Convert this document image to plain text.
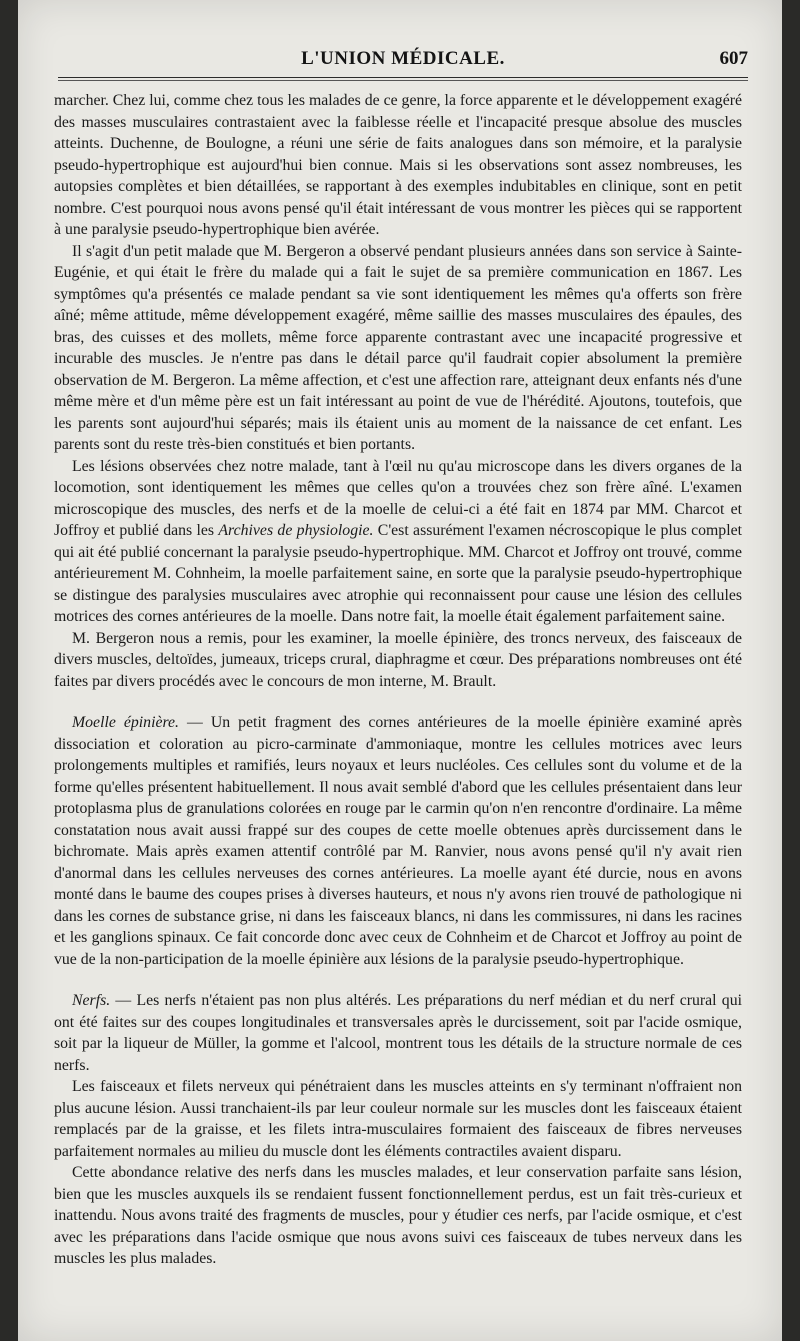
L'UNION MÉDICALE.	607

marcher. Chez lui, comme chez tous les malades de ce genre, la force apparente et le développement exagéré des masses musculaires contrastaient avec la faiblesse réelle et l'incapacité presque absolue des muscles atteints. Duchenne, de Boulogne, a réuni une série de faits analogues dans son mémoire, et la paralysie pseudo-hypertrophique est aujourd'hui bien connue. Mais si les observations sont assez nombreuses, les autopsies complètes et bien détaillées, se rapportant à des exemples indubitables en clinique, sont en petit nombre. C'est pourquoi nous avons pensé qu'il était intéressant de vous montrer les pièces qui se rapportent à une paralysie pseudo-hypertrophique bien avérée.

Il s'agit d'un petit malade que M. Bergeron a observé pendant plusieurs années dans son service à Sainte-Eugénie, et qui était le frère du malade qui a fait le sujet de sa première communication en 1867. Les symptômes qu'a présentés ce malade pendant sa vie sont identiquement les mêmes qu'a offerts son frère aîné; même attitude, même développement exagéré, même saillie des masses musculaires des épaules, des bras, des cuisses et des mollets, même force apparente contrastant avec une incapacité progressive et incurable des muscles. Je n'entre pas dans le détail parce qu'il faudrait copier absolument la première observation de M. Bergeron. La même affection, et c'est une affection rare, atteignant deux enfants nés d'une même mère et d'un même père est un fait intéressant au point de vue de l'hérédité. Ajoutons, toutefois, que les parents sont aujourd'hui séparés; mais ils étaient unis au moment de la naissance de cet enfant. Les parents sont du reste très-bien constitués et bien portants.

Les lésions observées chez notre malade, tant à l'œil nu qu'au microscope dans les divers organes de la locomotion, sont identiquement les mêmes que celles qu'on a trouvées chez son frère aîné. L'examen microscopique des muscles, des nerfs et de la moelle de celui-ci a été fait en 1874 par MM. Charcot et Joffroy et publié dans les Archives de physiologie. C'est assurément l'examen nécroscopique le plus complet qui ait été publié concernant la paralysie pseudo-hypertrophique. MM. Charcot et Joffroy ont trouvé, comme antérieurement M. Cohnheim, la moelle parfaitement saine, en sorte que la paralysie pseudo-hypertrophique se distingue des paralysies musculaires avec atrophie qui reconnaissent pour cause une lésion des cellules motrices des cornes antérieures de la moelle. Dans notre fait, la moelle était également parfaitement saine.

M. Bergeron nous a remis, pour les examiner, la moelle épinière, des troncs nerveux, des faisceaux de divers muscles, deltoïdes, jumeaux, triceps crural, diaphragme et cœur. Des préparations nombreuses ont été faites par divers procédés avec le concours de mon interne, M. Brault.

Moelle épinière. — Un petit fragment des cornes antérieures de la moelle épinière examiné après dissociation et coloration au picro-carminate d'ammoniaque, montre les cellules motrices avec leurs prolongements multiples et ramifiés, leurs noyaux et leurs nucléoles. Ces cellules sont du volume et de la forme qu'elles présentent habituellement. Il nous avait semblé d'abord que les cellules présentaient dans leur protoplasma plus de granulations colorées en rouge par le carmin qu'on n'en rencontre d'ordinaire. La même constatation nous avait aussi frappé sur des coupes de cette moelle obtenues après durcissement dans le bichromate. Mais après examen attentif contrôlé par M. Ranvier, nous avons pensé qu'il n'y avait rien d'anormal dans les cellules nerveuses des cornes antérieures. La moelle ayant été durcie, nous en avons monté dans le baume des coupes prises à diverses hauteurs, et nous n'y avons rien trouvé de pathologique ni dans les cornes de substance grise, ni dans les faisceaux blancs, ni dans les commissures, ni dans les racines et les ganglions spinaux. Ce fait concorde donc avec ceux de Cohnheim et de Charcot et Joffroy au point de vue de la non-participation de la moelle épinière aux lésions de la paralysie pseudo-hypertrophique.

Nerfs. — Les nerfs n'étaient pas non plus altérés. Les préparations du nerf médian et du nerf crural qui ont été faites sur des coupes longitudinales et transversales après le durcissement, soit par l'acide osmique, soit par la liqueur de Müller, la gomme et l'alcool, montrent tous les détails de la structure normale de ces nerfs.

Les faisceaux et filets nerveux qui pénétraient dans les muscles atteints en s'y terminant n'offraient non plus aucune lésion. Aussi tranchaient-ils par leur couleur normale sur les muscles dont les faisceaux étaient remplacés par de la graisse, et les filets intra-musculaires formaient des faisceaux de fibres nerveuses parfaitement normales au milieu du muscle dont les éléments contractiles avaient disparu.

Cette abondance relative des nerfs dans les muscles malades, et leur conservation parfaite sans lésion, bien que les muscles auxquels ils se rendaient fussent fonctionnellement perdus, est un fait très-curieux et inattendu. Nous avons traité des fragments de muscles, pour y étudier ces nerfs, par l'acide osmique, et c'est avec les préparations dans l'acide osmique que nous avons suivi ces faisceaux de tubes nerveux dans les muscles les plus malades.
